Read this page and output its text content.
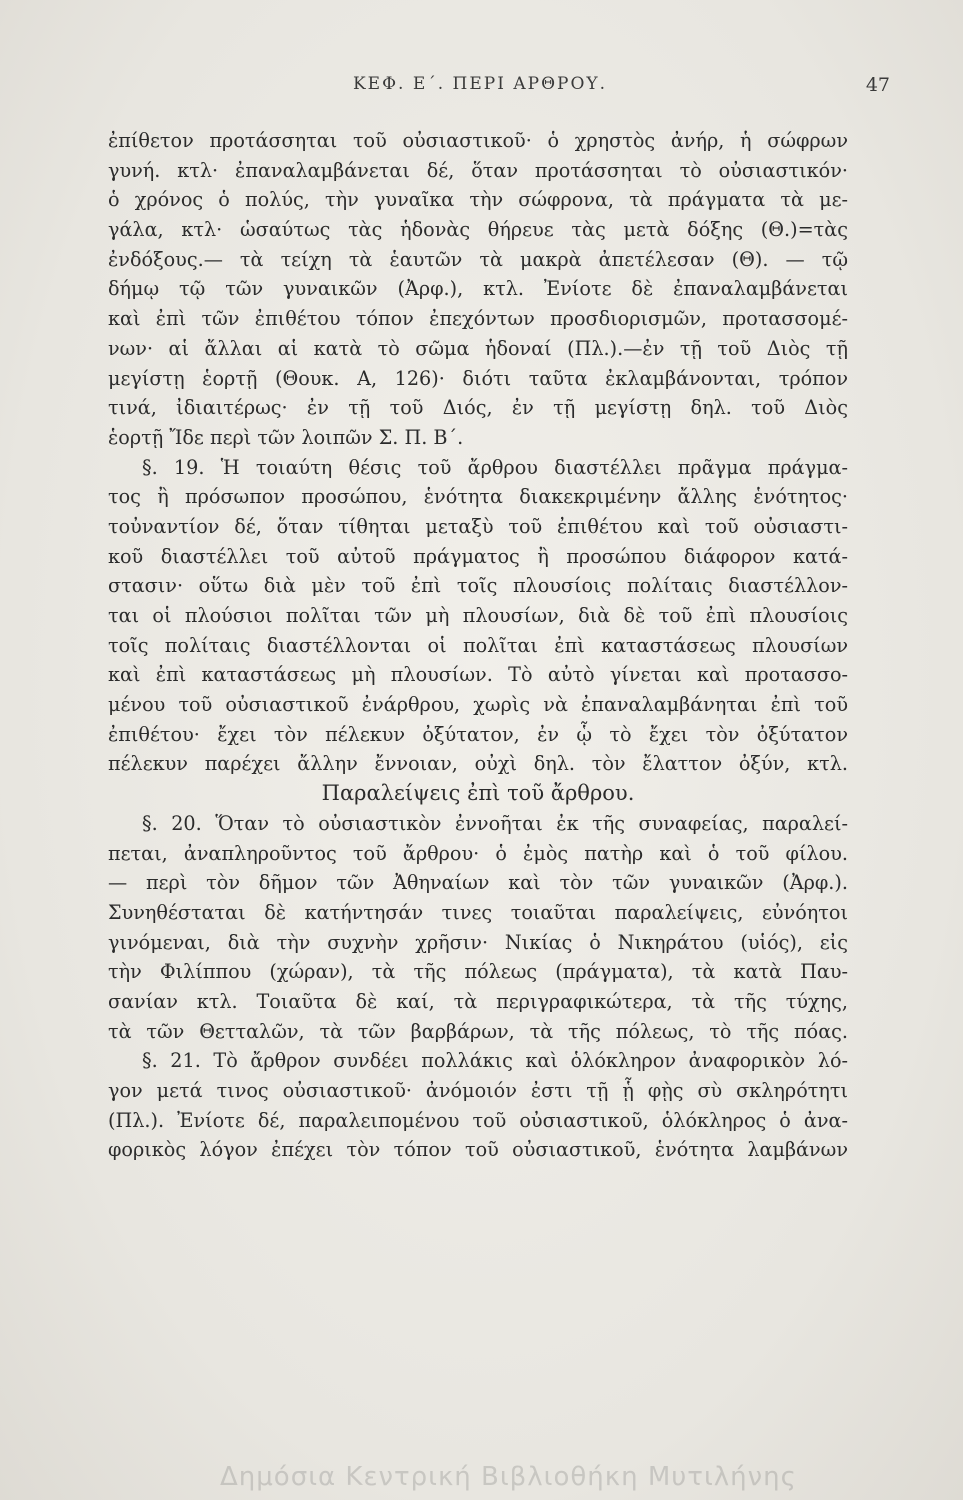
ΚΕΦ. Ε΄. ΠΕΡΙ ΑΡΘΡΟΥ.	47
ἐπίθετον προτάσσηται τοῦ οὐσιαστικοῦ· ὁ χρηστὸς ἀνήρ, ἡ σώφρων
γυνή. κτλ· ἐπαναλαμβάνεται δέ, ὅταν προτάσσηται τὸ οὐσιαστικόν·
ὁ χρόνος ὁ πολύς, τὴν γυναῖκα τὴν σώφρονα, τὰ πράγματα τὰ με-
γάλα, κτλ· ὡσαύτως τὰς ἡδονὰς θήρευε τὰς μετὰ δόξης (Θ.)=τὰς
ἐνδόξους.— τὰ τείχη τὰ ἑαυτῶν τὰ μακρὰ ἀπετέλεσαν (Θ). — τῷ
δήμῳ τῷ τῶν γυναικῶν (Ἀρφ.), κτλ. Ἐνίοτε δὲ ἐπαναλαμβάνεται
καὶ ἐπὶ τῶν ἐπιθέτου τόπον ἐπεχόντων προσδιορισμῶν, προτασσομέ-
νων· αἱ ἄλλαι αἱ κατὰ τὸ σῶμα ἡδοναί (Πλ.).—ἐν τῇ τοῦ Διὸς τῇ
μεγίστῃ ἑορτῇ (Θουκ. Α, 126)· διότι ταῦτα ἐκλαμβάνονται, τρόπον
τινά, ἰδιαιτέρως· ἐν τῇ τοῦ Διός, ἐν τῇ μεγίστῃ δηλ. τοῦ Διὸς
ἑορτῇ Ἴδε περὶ τῶν λοιπῶν Σ. Π. Β΄.
§. 19. Ἡ τοιαύτη θέσις τοῦ ἄρθρου διαστέλλει πρᾶγμα πράγμα-
τος ἢ πρόσωπον προσώπου, ἑνότητα διακεκριμένην ἄλλης ἑνότητος·
τοὐναντίον δέ, ὅταν τίθηται μεταξὺ τοῦ ἐπιθέτου καὶ τοῦ οὐσιαστι-
κοῦ διαστέλλει τοῦ αὐτοῦ πράγματος ἢ προσώπου διάφορον κατά-
στασιν· οὕτω διὰ μὲν τοῦ ἐπὶ τοῖς πλουσίοις πολίταις διαστέλλον-
ται οἱ πλούσιοι πολῖται τῶν μὴ πλουσίων, διὰ δὲ τοῦ ἐπὶ πλουσίοις
τοῖς πολίταις διαστέλλονται οἱ πολῖται ἐπὶ καταστάσεως πλουσίων
καὶ ἐπὶ καταστάσεως μὴ πλουσίων. Τὸ αὐτὸ γίνεται καὶ προτασσο-
μένου τοῦ οὐσιαστικοῦ ἐνάρθρου, χωρὶς νὰ ἐπαναλαμβάνηται ἐπὶ τοῦ
ἐπιθέτου· ἔχει τὸν πέλεκυν ὀξύτατον, ἐν ᾧ τὸ ἔχει τὸν ὀξύτατον
πέλεκυν παρέχει ἄλλην ἔννοιαν, οὐχὶ δηλ. τὸν ἔλαττον ὀξύν, κτλ.
Παραλείψεις ἐπὶ τοῦ ἄρθρου.
§. 20. Ὅταν τὸ οὐσιαστικὸν ἐννοῆται ἐκ τῆς συναφείας, παραλεί-
πεται, ἀναπληροῦντος τοῦ ἄρθρου· ὁ ἐμὸς πατὴρ καὶ ὁ τοῦ φίλου.
— περὶ τὸν δῆμον τῶν Ἀθηναίων καὶ τὸν τῶν γυναικῶν (Ἀρφ.).
Συνηθέσταται δὲ κατήντησάν τινες τοιαῦται παραλείψεις, εὐνόητοι
γινόμεναι, διὰ τὴν συχνὴν χρῆσιν· Νικίας ὁ Νικηράτου (υἱός), εἰς
τὴν Φιλίππου (χώραν), τὰ τῆς πόλεως (πράγματα), τὰ κατὰ Παυ-
σανίαν κτλ. Τοιαῦτα δὲ καί, τὰ περιγραφικώτερα, τὰ τῆς τύχης,
τὰ τῶν Θετταλῶν, τὰ τῶν βαρβάρων, τὰ τῆς πόλεως, τὸ τῆς πόας.
§. 21. Τὸ ἄρθρον συνδέει πολλάκις καὶ ὁλόκληρον ἀναφορικὸν λό-
γον μετά τινος οὐσιαστικοῦ· ἀνόμοιόν ἐστι τῇ ᾗ φῂς σὺ σκληρότητι
(Πλ.). Ἐνίοτε δέ, παραλειπομένου τοῦ οὐσιαστικοῦ, ὁλόκληρος ὁ ἀνα-
φορικὸς λόγον ἐπέχει τὸν τόπον τοῦ οὐσιαστικοῦ, ἑνότητα λαμβάνων
Δημόσια Κεντρική Βιβλιοθήκη Μυτιλήνης
